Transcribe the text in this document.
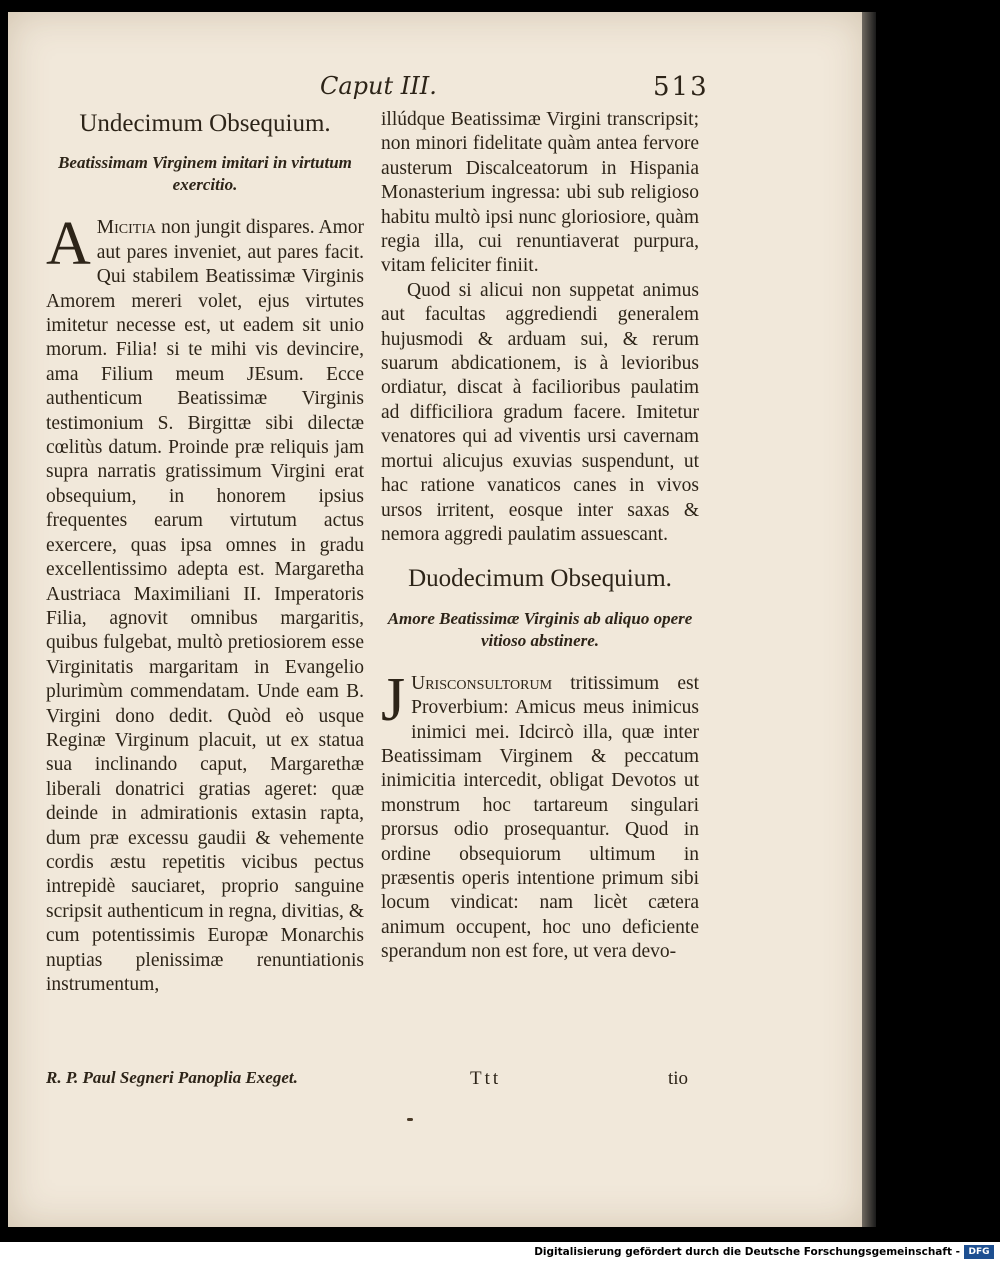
Caput III.	513
Undecimum Obsequium.
Beatissimam Virginem imitari in virtutum exercitio.

A Micitia non jungit dispares. Amor aut pares inveniet, aut pares facit. Qui stabilem Beatissimæ Virginis Amorem mereri volet, ejus virtutes imitetur necesse est, ut eadem sit unio morum. Filia! si te mihi vis devincire, ama Filium meum JEsum. Ecce authenticum Beatissimæ Virginis testimonium S. Birgittæ sibi dilectæ cœlitùs datum. Proinde præ reliquis jam supra narratis gratissimum Virgini erat obsequium, in honorem ipsius frequentes earum virtutum actus exercere, quas ipsa omnes in gradu excellentissimo adepta est. Margaretha Austriaca Maximiliani II. Imperatoris Filia, agnovit omnibus margaritis, quibus fulgebat, multò pretiosiorem esse Virginitatis margaritam in Evangelio plurimùm commendatam. Unde eam B. Virgini dono dedit. Quòd eò usque Reginæ Virginum placuit, ut ex statua sua inclinando caput, Margarethæ liberali donatrici gratias ageret: quæ deinde in admirationis extasin rapta, dum præ excessu gaudii & vehemente cordis æstu repetitis vicibus pectus intrepidè sauciaret, proprio sanguine scripsit authenticum in regna, divitias, & cum potentissimis Europæ Monarchis nuptias plenissimæ renuntiationis instrumentum,

illúdque Beatissimæ Virgini transcripsit; non minori fidelitate quàm antea fervore austerum Discalceatorum in Hispania Monasterium ingressa: ubi sub religioso habitu multò ipsi nunc gloriosiore, quàm regia illa, cui renuntiaverat purpura, vitam feliciter finiit.

Quod si alicui non suppetat animus aut facultas aggrediendi generalem hujusmodi & arduam sui, & rerum suarum abdicationem, is à levioribus ordiatur, discat à facilioribus paulatim ad difficiliora gradum facere. Imitetur venatores qui ad viventis ursi cavernam mortui alicujus exuvias suspendunt, ut hac ratione vanaticos canes in vivos ursos irritent, eosque inter saxas & nemora aggredi paulatim assuescant.

Duodecimum Obsequium.
Amore Beatissimæ Virginis ab aliquo opere vitioso abstinere.

J Urisconsultorum tritissimum est Proverbium: Amicus meus inimicus inimici mei. Idcircò illa, quæ inter Beatissimam Virginem & peccatum inimicitia intercedit, obligat Devotos ut monstrum hoc tartareum singulari prorsus odio prosequantur. Quod in ordine obsequiorum ultimum in præsentis operis intentione primum sibi locum vindicat: nam licèt cætera animum occupent, hoc uno deficiente sperandum non est fore, ut vera devo-

R. P. Paul Segneri Panoplia Exeget.	Ttt	tio
Digitalisierung gefördert durch die Deutsche Forschungsgemeinschaft - DFG
